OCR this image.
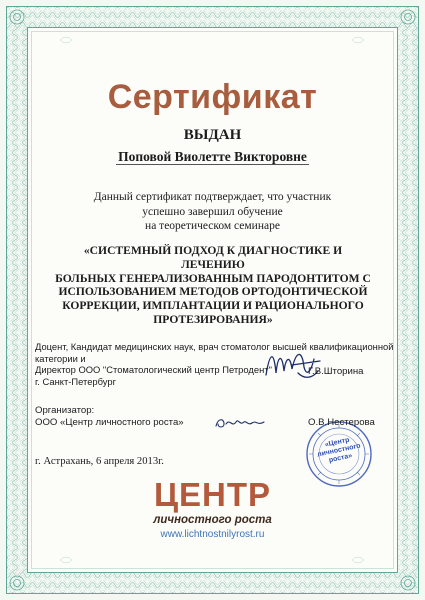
Сертификат
ВЫДАН
Поповой Виолетте Викторовне
Данный сертификат подтверждает, что участник
успешно завершил обучение
на теоретическом семинаре
«СИСТЕМНЫЙ ПОДХОД К ДИАГНОСТИКЕ И ЛЕЧЕНИЮ
БОЛЬНЫХ ГЕНЕРАЛИЗОВАННЫМ ПАРОДОНТИТОМ С
ИСПОЛЬЗОВАНИЕМ МЕТОДОВ ОРТОДОНТИЧЕСКОЙ
КОРРЕКЦИИ, ИМПЛАНТАЦИИ И РАЦИОНАЛЬНОГО
ПРОТЕЗИРОВАНИЯ»
Доцент, Кандидат медицинских наук, врач стоматолог высшей квалификационной
категории и
Директор ООО "Стоматологический центр Петродент"
г. Санкт-Петербург
Г.В.Шторина
Организатор:
ООО «Центр личностного роста»
«Центр личностного роста»
О.В.Нестерова
г. Астрахань, 6 апреля 2013г.
ЦЕНТР
личностного роста
www.lichtnostnilyrost.ru
